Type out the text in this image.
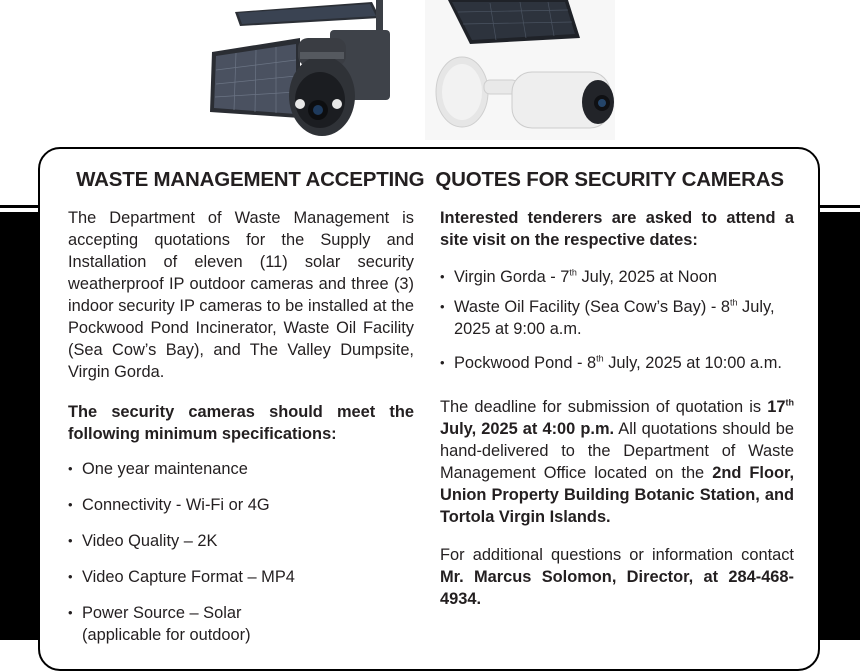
WASTE MANAGEMENT ACCEPTING  QUOTES FOR SECURITY CAMERAS

The Department of Waste Management is accepting quotations for the Supply and Installation of eleven (11) solar security weatherproof IP outdoor cameras and three (3) indoor security IP cameras to be installed at the Pockwood Pond Incinerator, Waste Oil Facility (Sea Cow’s Bay), and The Valley Dumpsite, Virgin Gorda.

The security cameras should meet the following minimum specifications:

• One year maintenance
• Connectivity - Wi-Fi or 4G
• Video Quality – 2K
• Video Capture Format – MP4
• Power Source – Solar
(applicable for outdoor)

Interested tenderers are asked to attend a site visit on the respective dates:

• Virgin Gorda - 7th July, 2025 at Noon
• Waste Oil Facility (Sea Cow’s Bay) - 8th July, 2025 at 9:00 a.m.
• Pockwood Pond - 8th July, 2025 at 10:00 a.m.

The deadline for submission of quotation is 17th July, 2025 at 4:00 p.m. All quotations should be hand-delivered to the Department of Waste Management Office located on the 2nd Floor, Union Property Building Botanic Station, and Tortola Virgin Islands.

For additional questions or information contact Mr. Marcus Solomon, Director, at 284-468-4934.
